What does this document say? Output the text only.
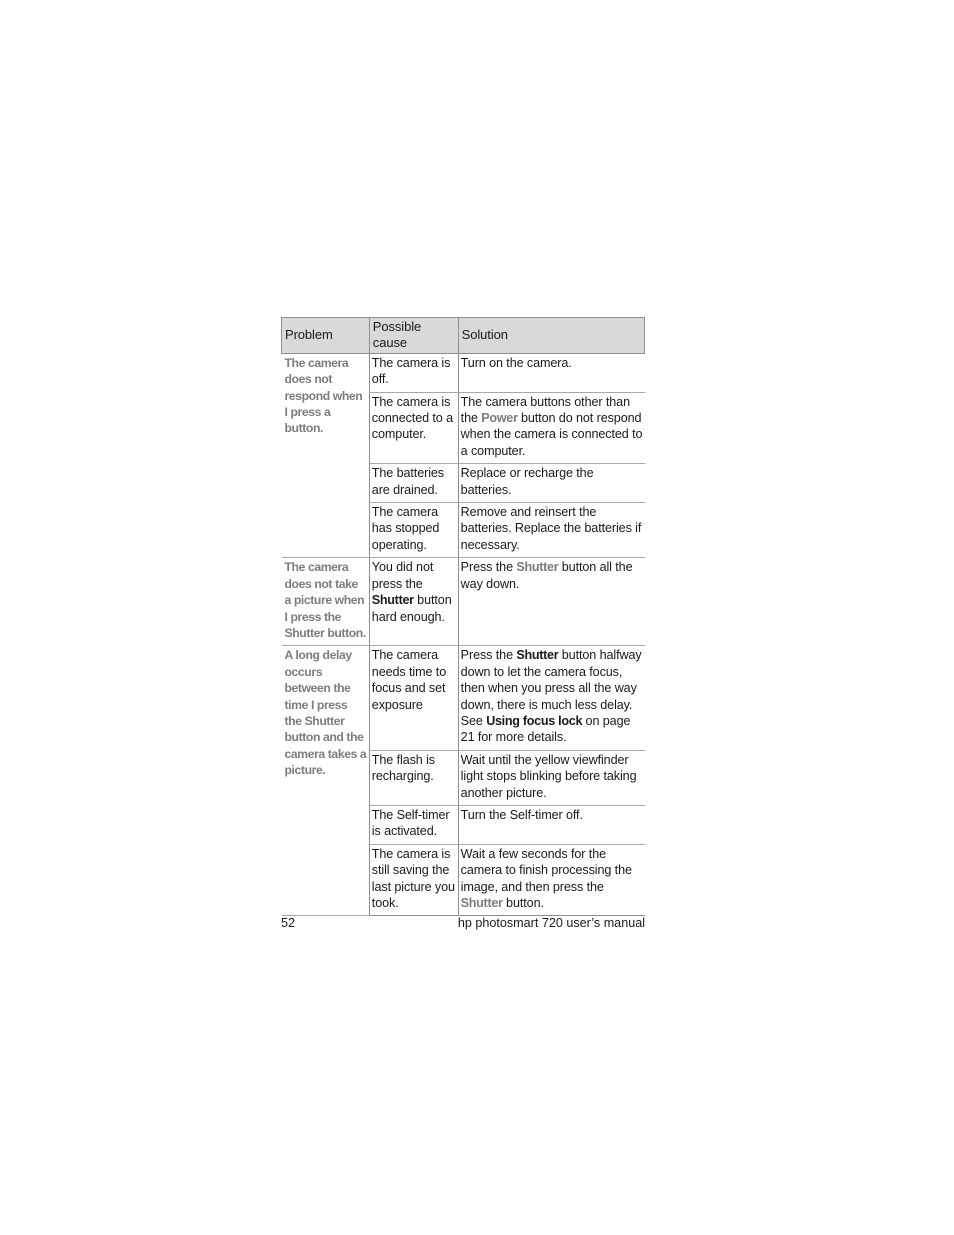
Problem	Possible cause	Solution
The camera does not respond when I press a button.	The camera is off.	Turn on the camera.
	The camera is connected to a computer.	The camera buttons other than the Power button do not respond when the camera is connected to a computer.
	The batteries are drained.	Replace or recharge the batteries.
	The camera has stopped operating.	Remove and reinsert the batteries. Replace the batteries if necessary.
The camera does not take a picture when I press the Shutter button.	You did not press the Shutter button hard enough.	Press the Shutter button all the way down.
A long delay occurs between the time I press the Shutter button and the camera takes a picture.	The camera needs time to focus and set exposure	Press the Shutter button halfway down to let the camera focus, then when you press all the way down, there is much less delay. See Using focus lock on page 21 for more details.
	The flash is recharging.	Wait until the yellow viewfinder light stops blinking before taking another picture.
	The Self-timer is activated.	Turn the Self-timer off.
	The camera is still saving the last picture you took.	Wait a few seconds for the camera to finish processing the image, and then press the Shutter button.
52	hp photosmart 720 user’s manual
